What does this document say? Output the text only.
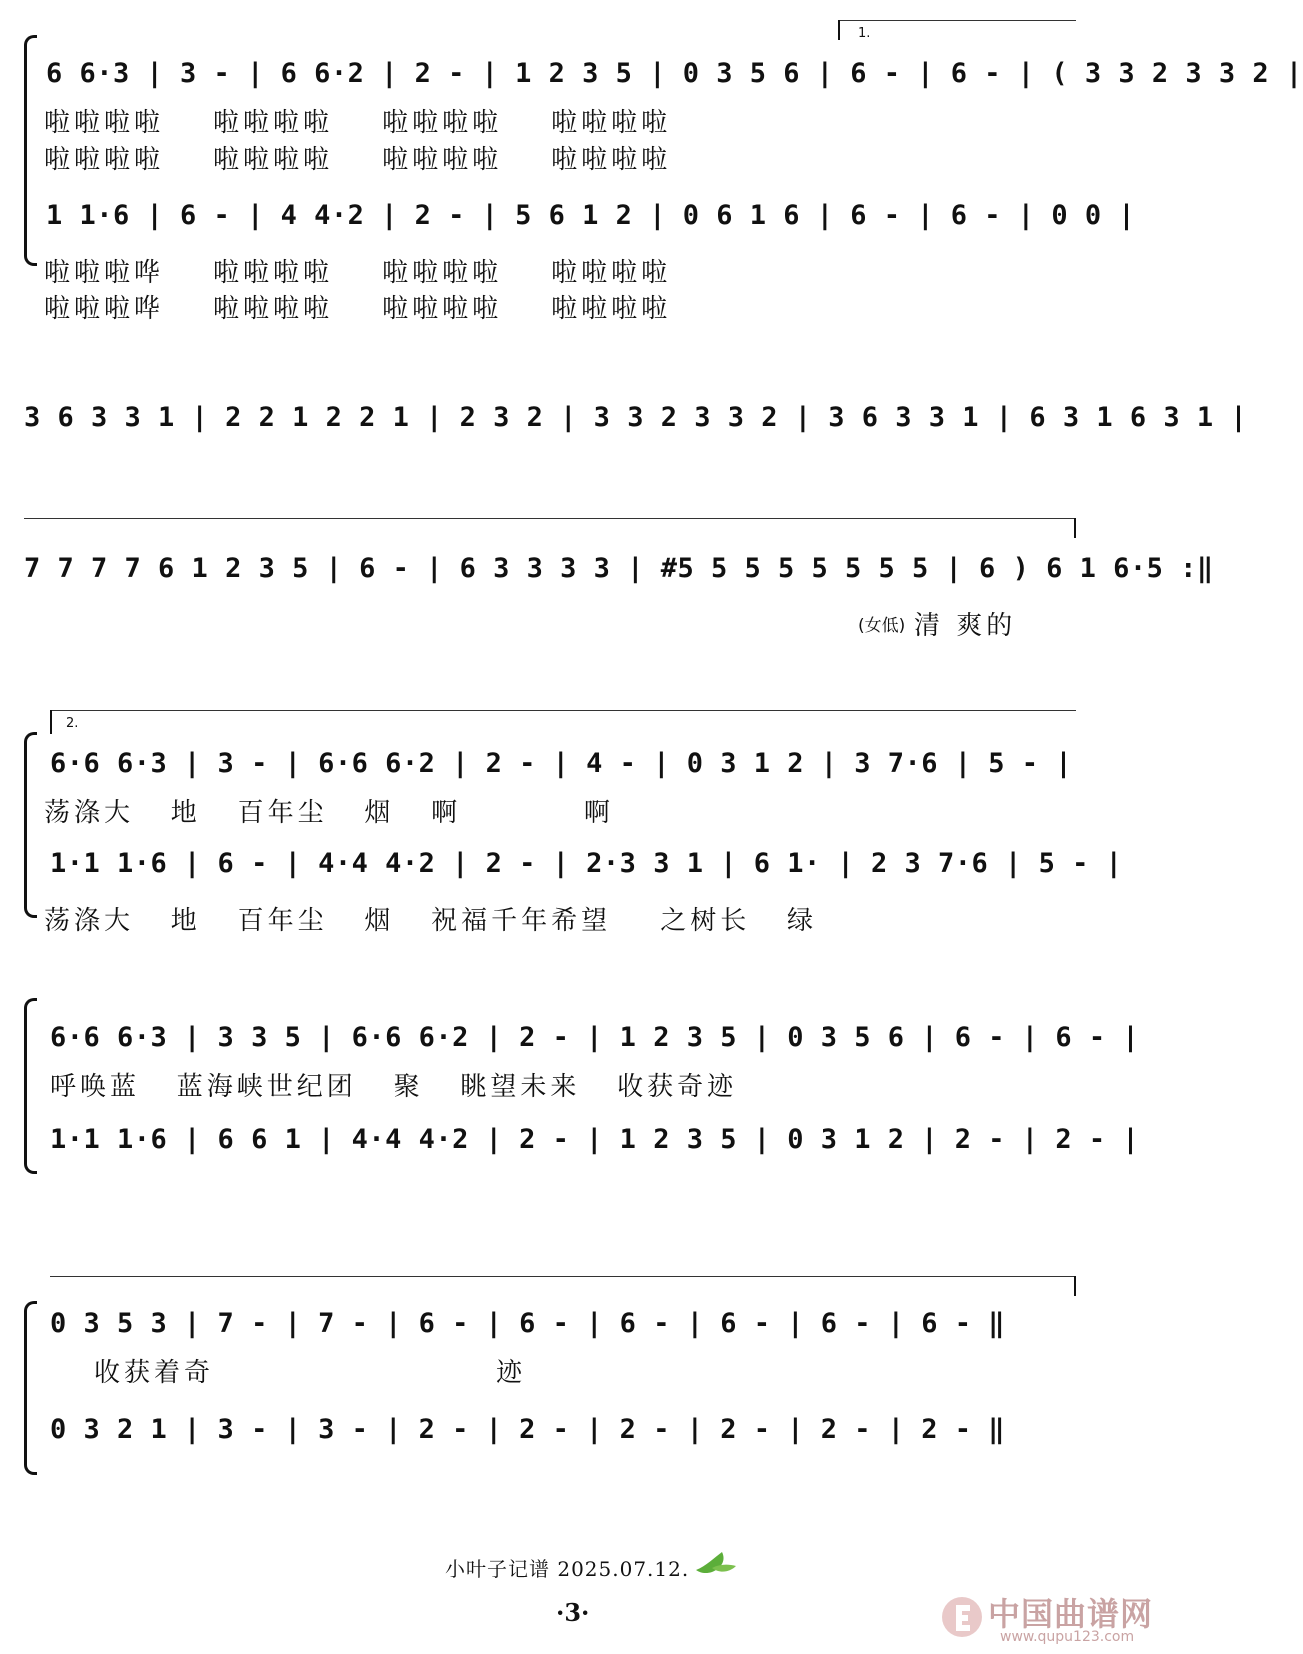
1.
6 6·3 | 3 - | 6 6·2 | 2 - | 1 2 3 5 | 0 3 5 6 | 6 - | 6 - | ( 3 3 2 3 3 2 |
啦啦啦啦    啦啦啦啦    啦啦啦啦    啦啦啦啦
啦啦啦啦    啦啦啦啦    啦啦啦啦    啦啦啦啦
1 1·6 | 6 - | 4 4·2 | 2 - | 5 6 1 2 | 0 6 1 6 | 6 - | 6 - | 0 0 |
啦啦啦哗    啦啦啦啦    啦啦啦啦    啦啦啦啦
啦啦啦哗    啦啦啦啦    啦啦啦啦    啦啦啦啦
3 6 3 3 1 | 2 2 1 2 2 1 | 2 3 2 | 3 3 2 3 3 2 | 3 6 3 3 1 | 6 3 1 6 3 1 |
7 7 7 7 6 1 2 3 5 | 6 - | 6 3 3 3 3 | #5 5 5 5 5 5 5 5 | 6 ) 6 1 6·5 :‖
(女低) 清 爽的
2.
6·6 6·3 | 3 - | 6·6 6·2 | 2 - | 4 - | 0 3 1 2 | 3 7·6 | 5 - |
荡涤大   地   百年尘   烟   啊          啊
1·1 1·6 | 6 - | 4·4 4·2 | 2 - | 2·3 3 1 | 6 1· | 2 3 7·6 | 5 - |
荡涤大   地   百年尘   烟   祝福千年希望    之树长   绿
6·6 6·3 | 3 3 5 | 6·6 6·2 | 2 - | 1 2 3 5 | 0 3 5 6 | 6 - | 6 - |
呼唤蓝   蓝海峡世纪团   聚   眺望未来   收获奇迹
1·1 1·6 | 6 6 1 | 4·4 4·2 | 2 - | 1 2 3 5 | 0 3 1 2 | 2 - | 2 - |
0 3 5 3 | 7 - | 7 - | 6 - | 6 - | 6 - | 6 - | 6 - | 6 - ‖
收获着奇                       迹
0 3 2 1 | 3 - | 3 - | 2 - | 2 - | 2 - | 2 - | 2 - | 2 - ‖
小叶子记谱 2025.07.12.
·3·	中国曲谱网
www.qupu123.com
